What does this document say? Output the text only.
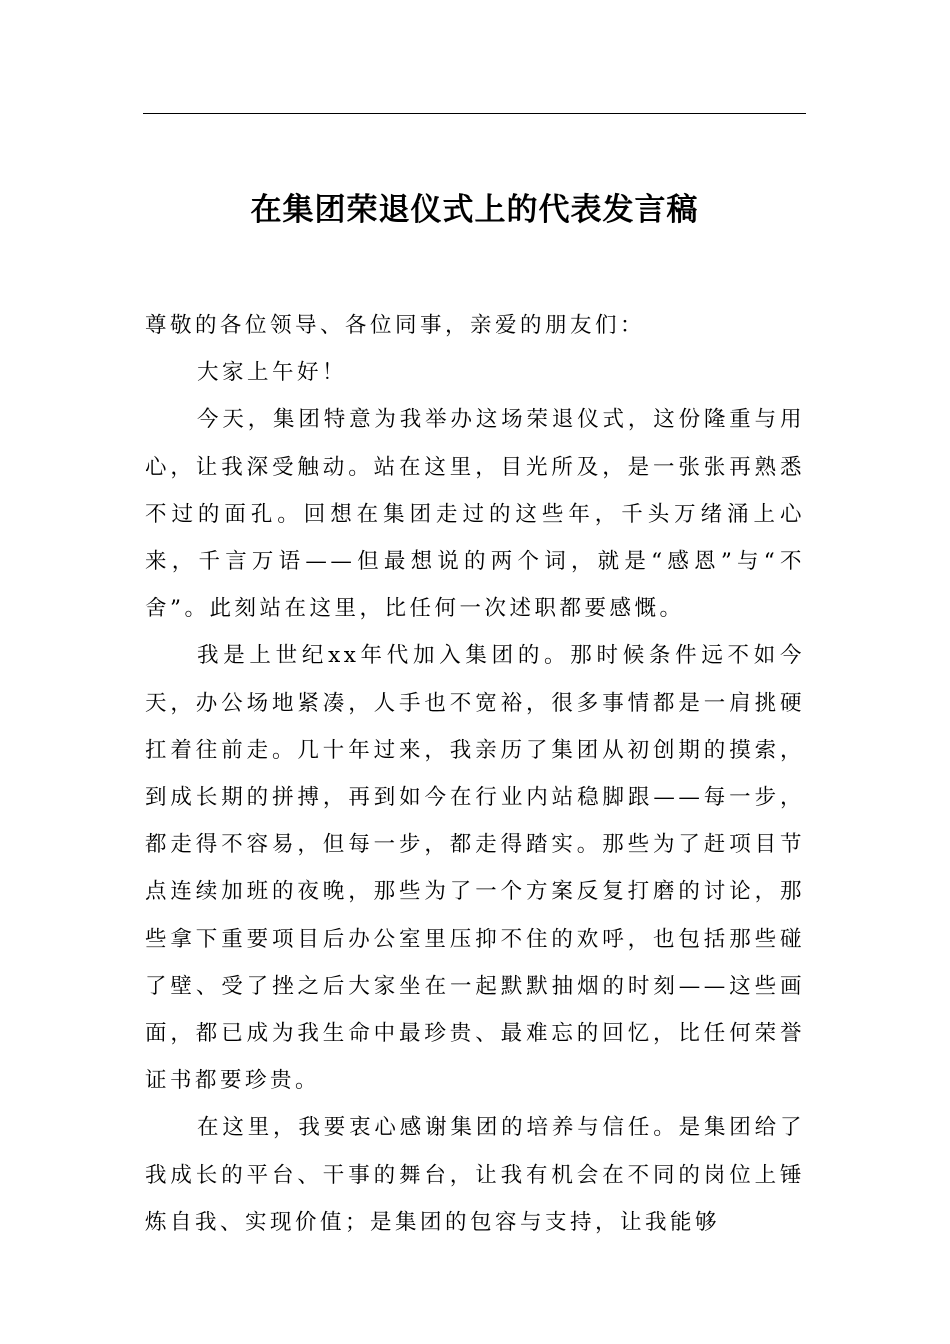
在集团荣退仪式上的代表发言稿

尊敬的各位领导、各位同事，亲爱的朋友们：

大家上午好！

今天，集团特意为我举办这场荣退仪式，这份隆重与用心，让我深受触动。站在这里，目光所及，是一张张再熟悉不过的面孔。回想在集团走过的这些年，千头万绪涌上心来，千言万语——但最想说的两个词，就是“感恩”与“不舍”。此刻站在这里，比任何一次述职都要感慨。

我是上世纪xx年代加入集团的。那时候条件远不如今天，办公场地紧凑，人手也不宽裕，很多事情都是一肩挑硬扛着往前走。几十年过来，我亲历了集团从初创期的摸索，到成长期的拼搏，再到如今在行业内站稳脚跟——每一步，都走得不容易，但每一步，都走得踏实。那些为了赶项目节点连续加班的夜晚，那些为了一个方案反复打磨的讨论，那些拿下重要项目后办公室里压抑不住的欢呼，也包括那些碰了壁、受了挫之后大家坐在一起默默抽烟的时刻——这些画面，都已成为我生命中最珍贵、最难忘的回忆，比任何荣誉证书都要珍贵。

在这里，我要衷心感谢集团的培养与信任。是集团给了我成长的平台、干事的舞台，让我有机会在不同的岗位上锤炼自我、实现价值；是集团的包容与支持，让我能够
